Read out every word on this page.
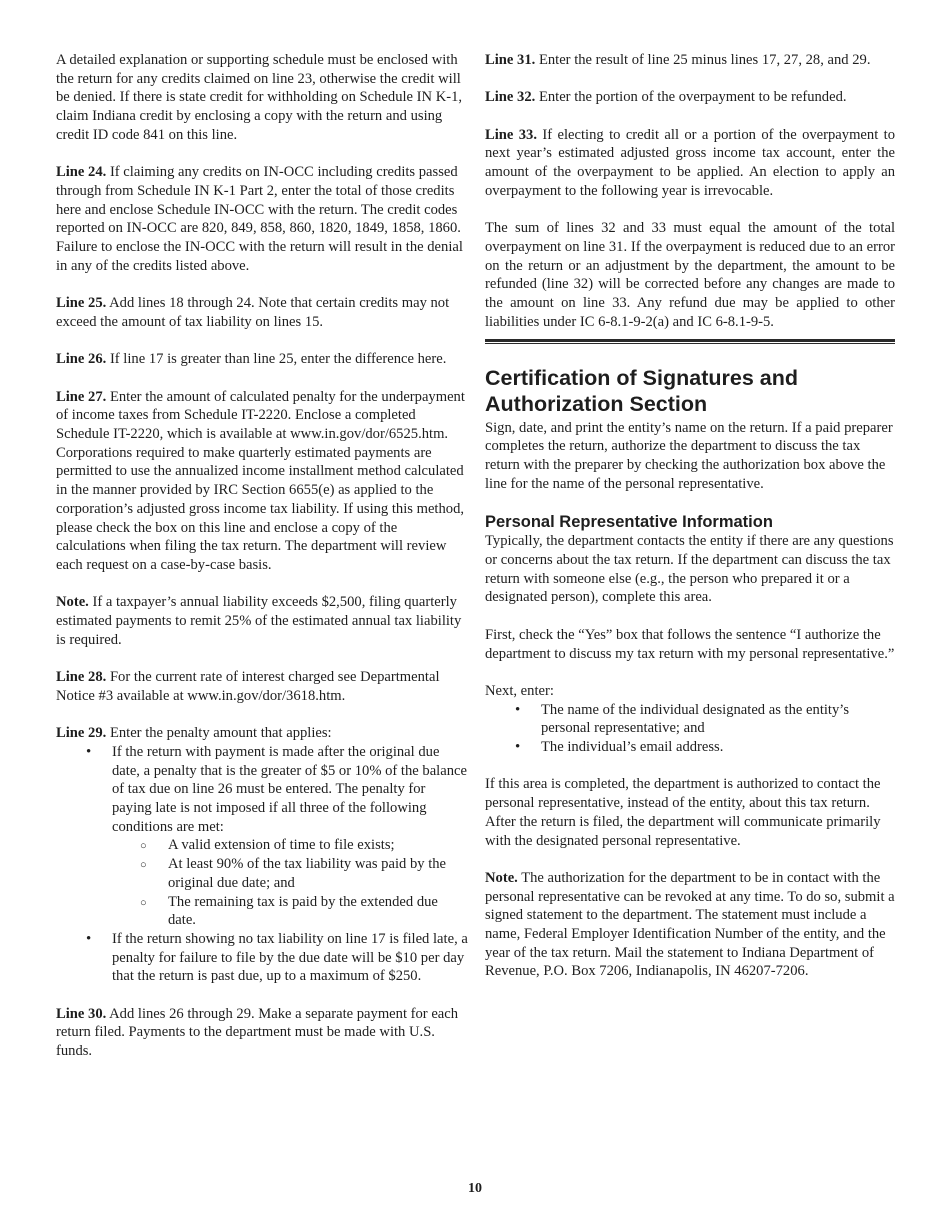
A detailed explanation or supporting schedule must be enclosed with the return for any credits claimed on line 23, otherwise the credit will be denied. If there is state credit for withholding on Schedule IN K-1, claim Indiana credit by enclosing a copy with the return and using credit ID code 841 on this line.

Line 24. If claiming any credits on IN-OCC including credits passed through from Schedule IN K-1 Part 2, enter the total of those credits here and enclose Schedule IN-OCC with the return. The credit codes reported on IN-OCC are 820, 849, 858, 860, 1820, 1849, 1858, 1860. Failure to enclose the IN-OCC with the return will result in the denial in any of the credits listed above.

Line 25. Add lines 18 through 24. Note that certain credits may not exceed the amount of tax liability on lines 15.

Line 26. If line 17 is greater than line 25, enter the difference here.

Line 27. Enter the amount of calculated penalty for the underpayment of income taxes from Schedule IT-2220. Enclose a completed Schedule IT-2220, which is available at www.in.gov/dor/6525.htm. Corporations required to make quarterly estimated payments are permitted to use the annualized income installment method calculated in the manner provided by IRC Section 6655(e) as applied to the corporation’s adjusted gross income tax liability. If using this method, please check the box on this line and enclose a copy of the calculations when filing the tax return. The department will review each request on a case-by-case basis.

Note. If a taxpayer’s annual liability exceeds $2,500, filing quarterly estimated payments to remit 25% of the estimated annual tax liability is required.

Line 28. For the current rate of interest charged see Departmental Notice #3 available at www.in.gov/dor/3618.htm.

Line 29. Enter the penalty amount that applies:
• If the return with payment is made after the original due date, a penalty that is the greater of $5 or 10% of the balance of tax due on line 26 must be entered. The penalty for paying late is not imposed if all three of the following conditions are met:
○ A valid extension of time to file exists;
○ At least 90% of the tax liability was paid by the original due date; and
○ The remaining tax is paid by the extended due date.
• If the return showing no tax liability on line 17 is filed late, a penalty for failure to file by the due date will be $10 per day that the return is past due, up to a maximum of $250.

Line 30. Add lines 26 through 29. Make a separate payment for each return filed. Payments to the department must be made with U.S. funds.

Line 31. Enter the result of line 25 minus lines 17, 27, 28, and 29.

Line 32. Enter the portion of the overpayment to be refunded.

Line 33. If electing to credit all or a portion of the overpayment to next year’s estimated adjusted gross income tax account, enter the amount of the overpayment to be applied. An election to apply an overpayment to the following year is irrevocable.

The sum of lines 32 and 33 must equal the amount of the total overpayment on line 31. If the overpayment is reduced due to an error on the return or an adjustment by the department, the amount to be refunded (line 32) will be corrected before any changes are made to the amount on line 33. Any refund due may be applied to other liabilities under IC 6-8.1-9-2(a) and IC 6-8.1-9-5.

Certification of Signatures and Authorization Section

Sign, date, and print the entity’s name on the return. If a paid preparer completes the return, authorize the department to discuss the tax return with the preparer by checking the authorization box above the line for the name of the personal representative.

Personal Representative Information

Typically, the department contacts the entity if there are any questions or concerns about the tax return. If the department can discuss the tax return with someone else (e.g., the person who prepared it or a designated person), complete this area.

First, check the “Yes” box that follows the sentence “I authorize the department to discuss my tax return with my personal representative.”

Next, enter:
• The name of the individual designated as the entity’s personal representative; and
• The individual’s email address.

If this area is completed, the department is authorized to contact the personal representative, instead of the entity, about this tax return. After the return is filed, the department will communicate primarily with the designated personal representative.

Note. The authorization for the department to be in contact with the personal representative can be revoked at any time. To do so, submit a signed statement to the department. The statement must include a name, Federal Employer Identification Number of the entity, and the year of the tax return. Mail the statement to Indiana Department of Revenue, P.O. Box 7206, Indianapolis, IN 46207-7206.

10
